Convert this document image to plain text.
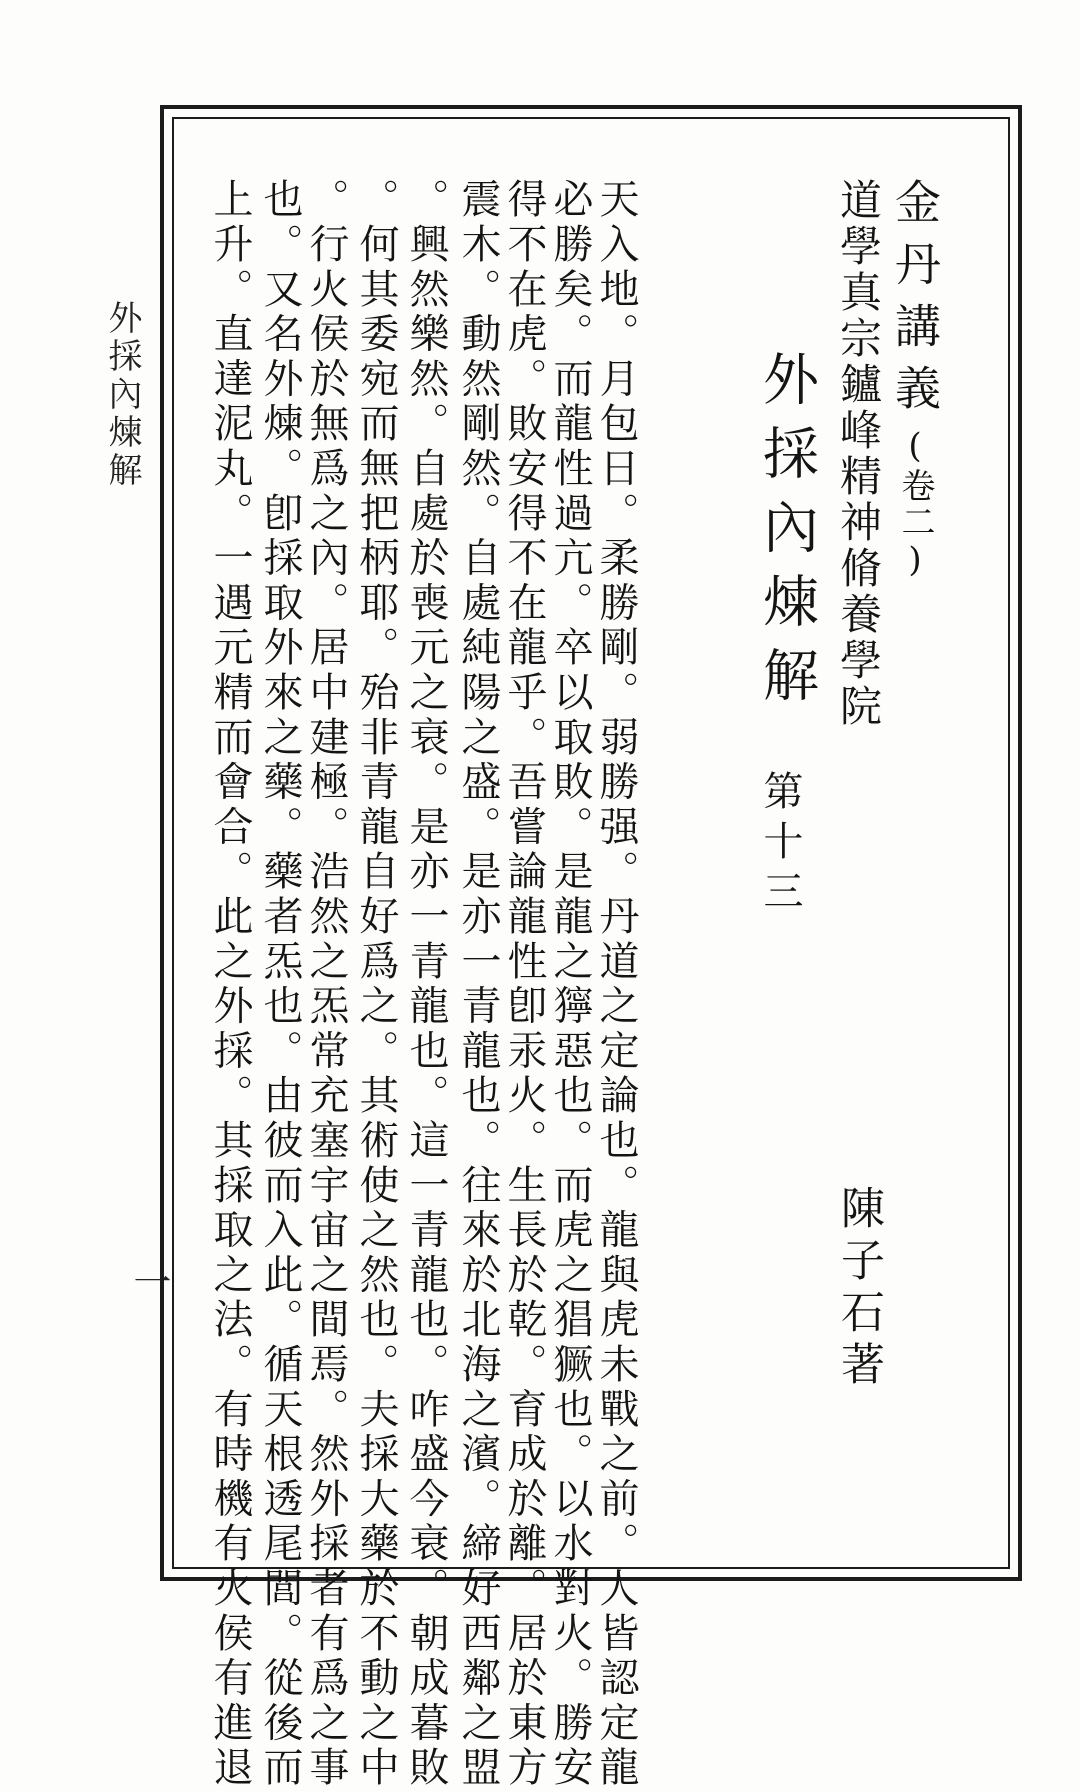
外採內煉解
一
金丹講義(卷二)
道學真宗鑪峰精神脩養學院
外採內煉解
第十三
陳子石著
天入地。月包日。柔勝剛。弱勝强。丹道之定論也。龍與虎未戰之前。人皆認定龍
必勝矣。而龍性過亢。卒以取敗。是龍之獰惡也。而虎之猖獗也。以水對火。勝安
得不在虎。敗安得不在龍乎。吾嘗論龍性卽汞火。生長於乾。育成於離。居於東方
震木。動然剛然。自處純陽之盛。是亦一青龍也。往來於北海之濱。締好西鄰之盟
。興然樂然。自處於喪元之衰。是亦一青龍也。這一青龍也。咋盛今衰。朝成暮敗
。何其委宛而無把柄耶。殆非青龍自好爲之。其術使之然也。夫採大藥於不動之中
。行火侯於無爲之內。居中建極。浩然之炁常充塞宇宙之間焉。然外採者有爲之事
也。又名外煉。卽採取外來之藥。藥者炁也。由彼而入此。循天根透尾閭。從後而
上升。直達泥丸。一遇元精而會合。此之外採。其採取之法。有時機有火侯有進退
